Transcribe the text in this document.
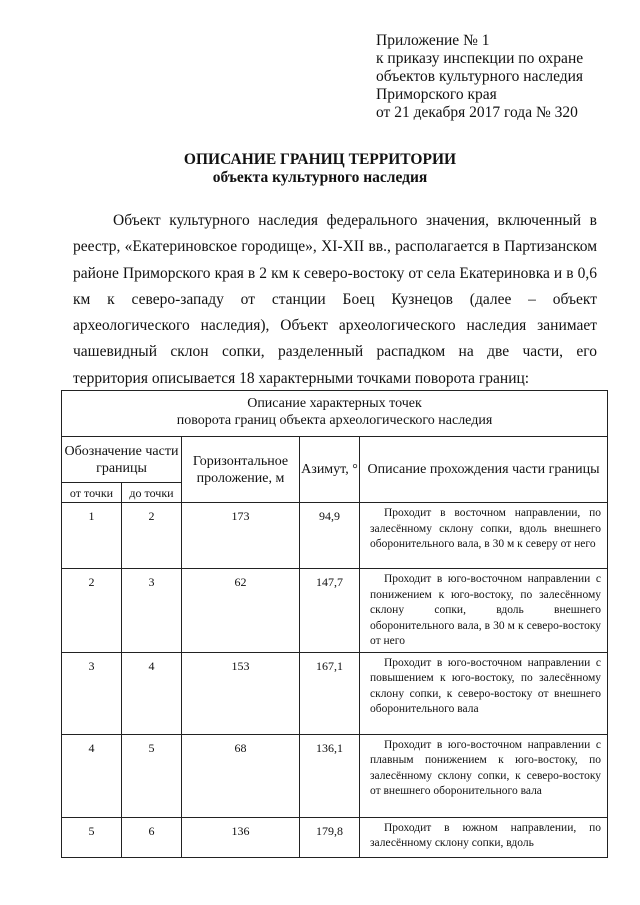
Приложение № 1
к приказу инспекции по охране
объектов культурного наследия
Приморского края
от 21 декабря 2017 года № 320
ОПИСАНИЕ ГРАНИЦ ТЕРРИТОРИИ
объекта культурного наследия

Объект культурного наследия федерального значения, включенный в реестр, «Екатериновское городище», XI-XII вв., располагается в Партизанском районе Приморского края в 2 км к северо-востоку от села Екатериновка и в 0,6 км к северо-западу от станции Боец Кузнецов (далее – объект археологического наследия), Объект археологического наследия занимает чашевидный склон сопки, разделенный распадком на две части, его территория описывается 18 характерными точками поворота границ:

Описание характерных точек
поворота границ объекта археологического наследия				

Обозначение части границы		Горизонтальное проложение, м	Азимут, °	Описание прохождения части границы
от точки	до точки			
1	2	173	94,9	Проходит в восточном направлении, по залесённому склону сопки, вдоль внешнего оборонительного вала, в 30 м к северу от него
2	3	62	147,7	Проходит в юго-восточном направлении с понижением к юго-востоку, по залесённому склону сопки, вдоль внешнего оборонительного вала, в 30 м к северо-востоку от него
3	4	153	167,1	Проходит в юго-восточном направлении с повышением к юго-востоку, по залесённому склону сопки, к северо-востоку от внешнего оборонительного вала
4	5	68	136,1	Проходит в юго-восточном направлении с плавным понижением к юго-востоку, по залесённому склону сопки, к северо-востоку от внешнего оборонительного вала
5	6	136	179,8	Проходит в южном направлении, по залесённому склону сопки, вдоль
